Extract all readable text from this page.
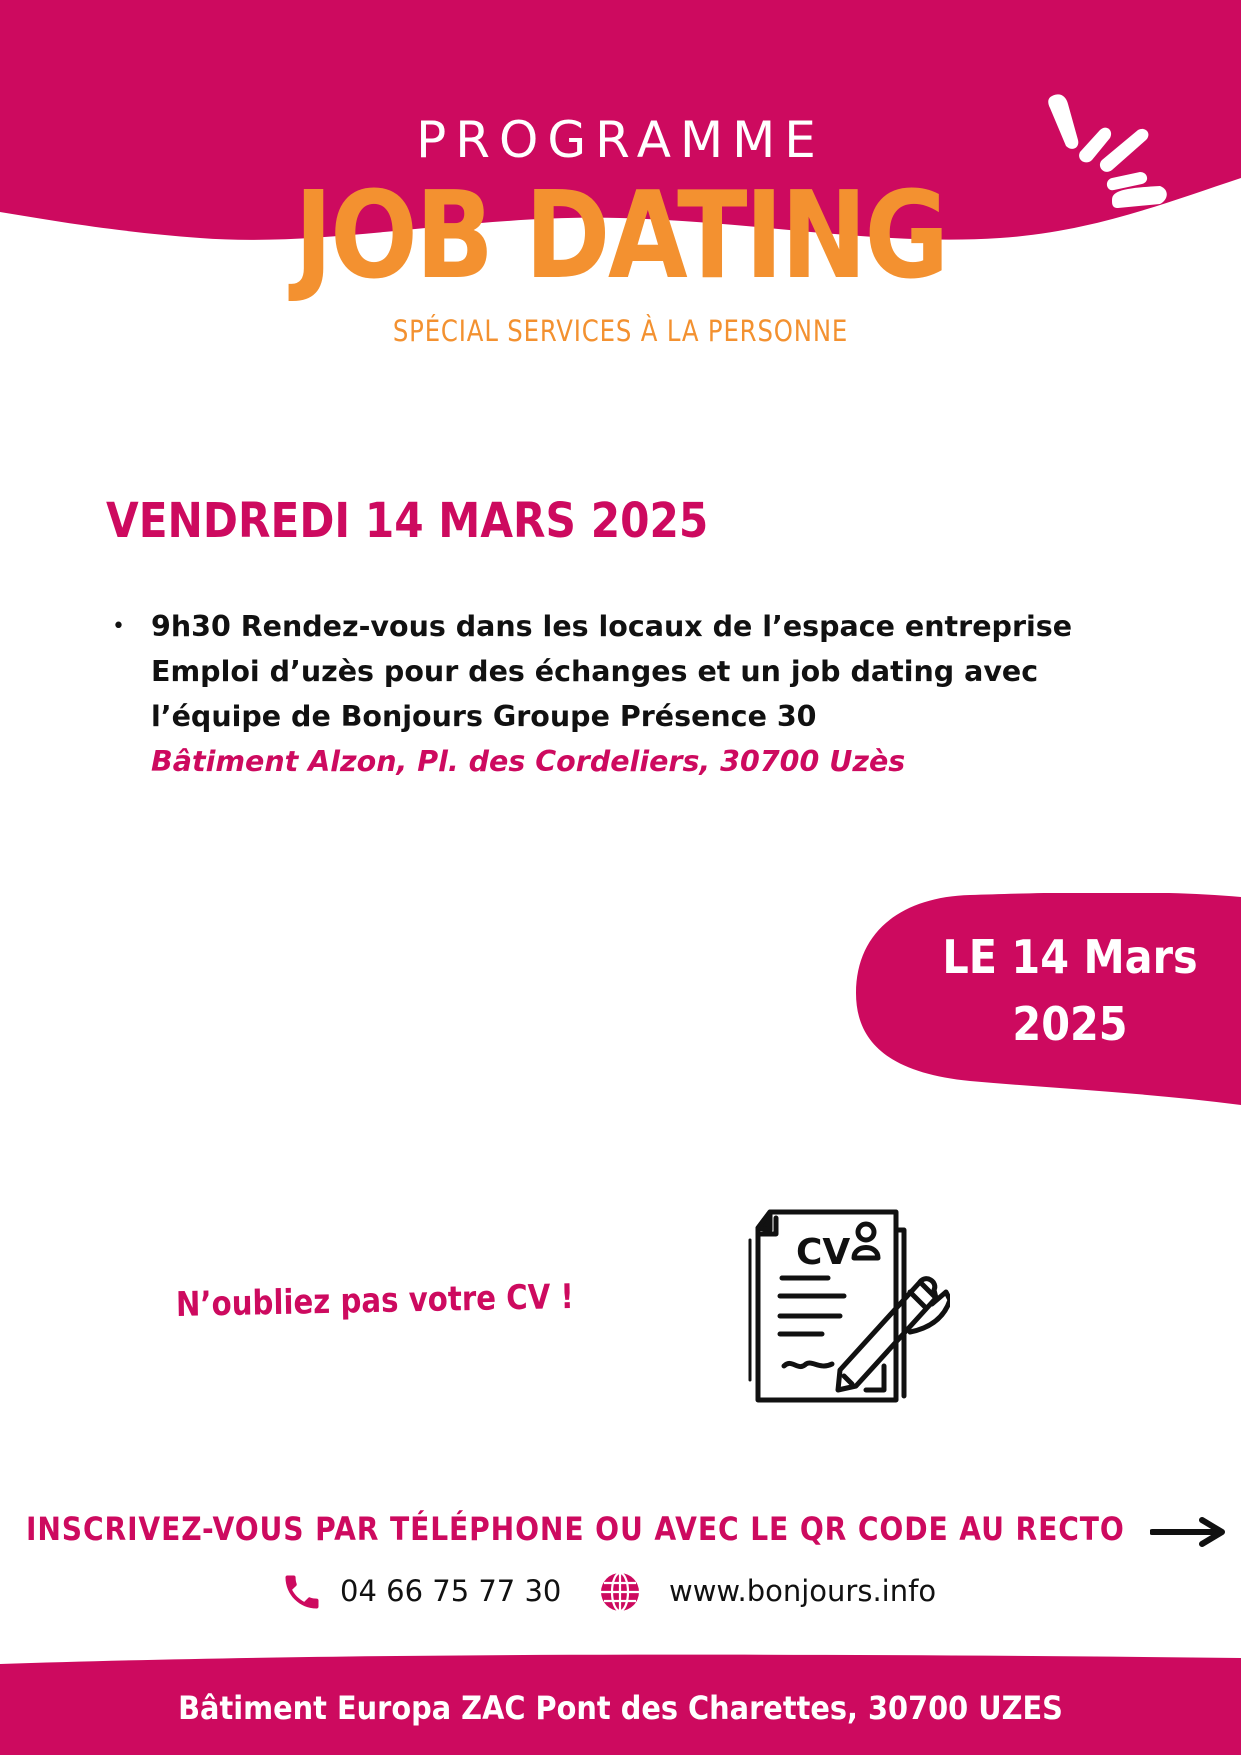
PROGRAMME
JOB DATING
SPÉCIAL SERVICES À LA PERSONNE
VENDREDI 14 MARS 2025
• 9h30 Rendez-vous dans les locaux de l’espace entreprise Emploi d’uzès pour des échanges et un job dating avec l’équipe de Bonjours Groupe Présence 30
Bâtiment Alzon, Pl. des Cordeliers, 30700 Uzès
LE 14 Mars
2025
N’oubliez pas votre CV !
CV
INSCRIVEZ-VOUS PAR TÉLÉPHONE OU AVEC LE QR CODE AU RECTO
04 66 75 77 30	www.bonjours.info
Bâtiment Europa ZAC Pont des Charettes, 30700 UZES
